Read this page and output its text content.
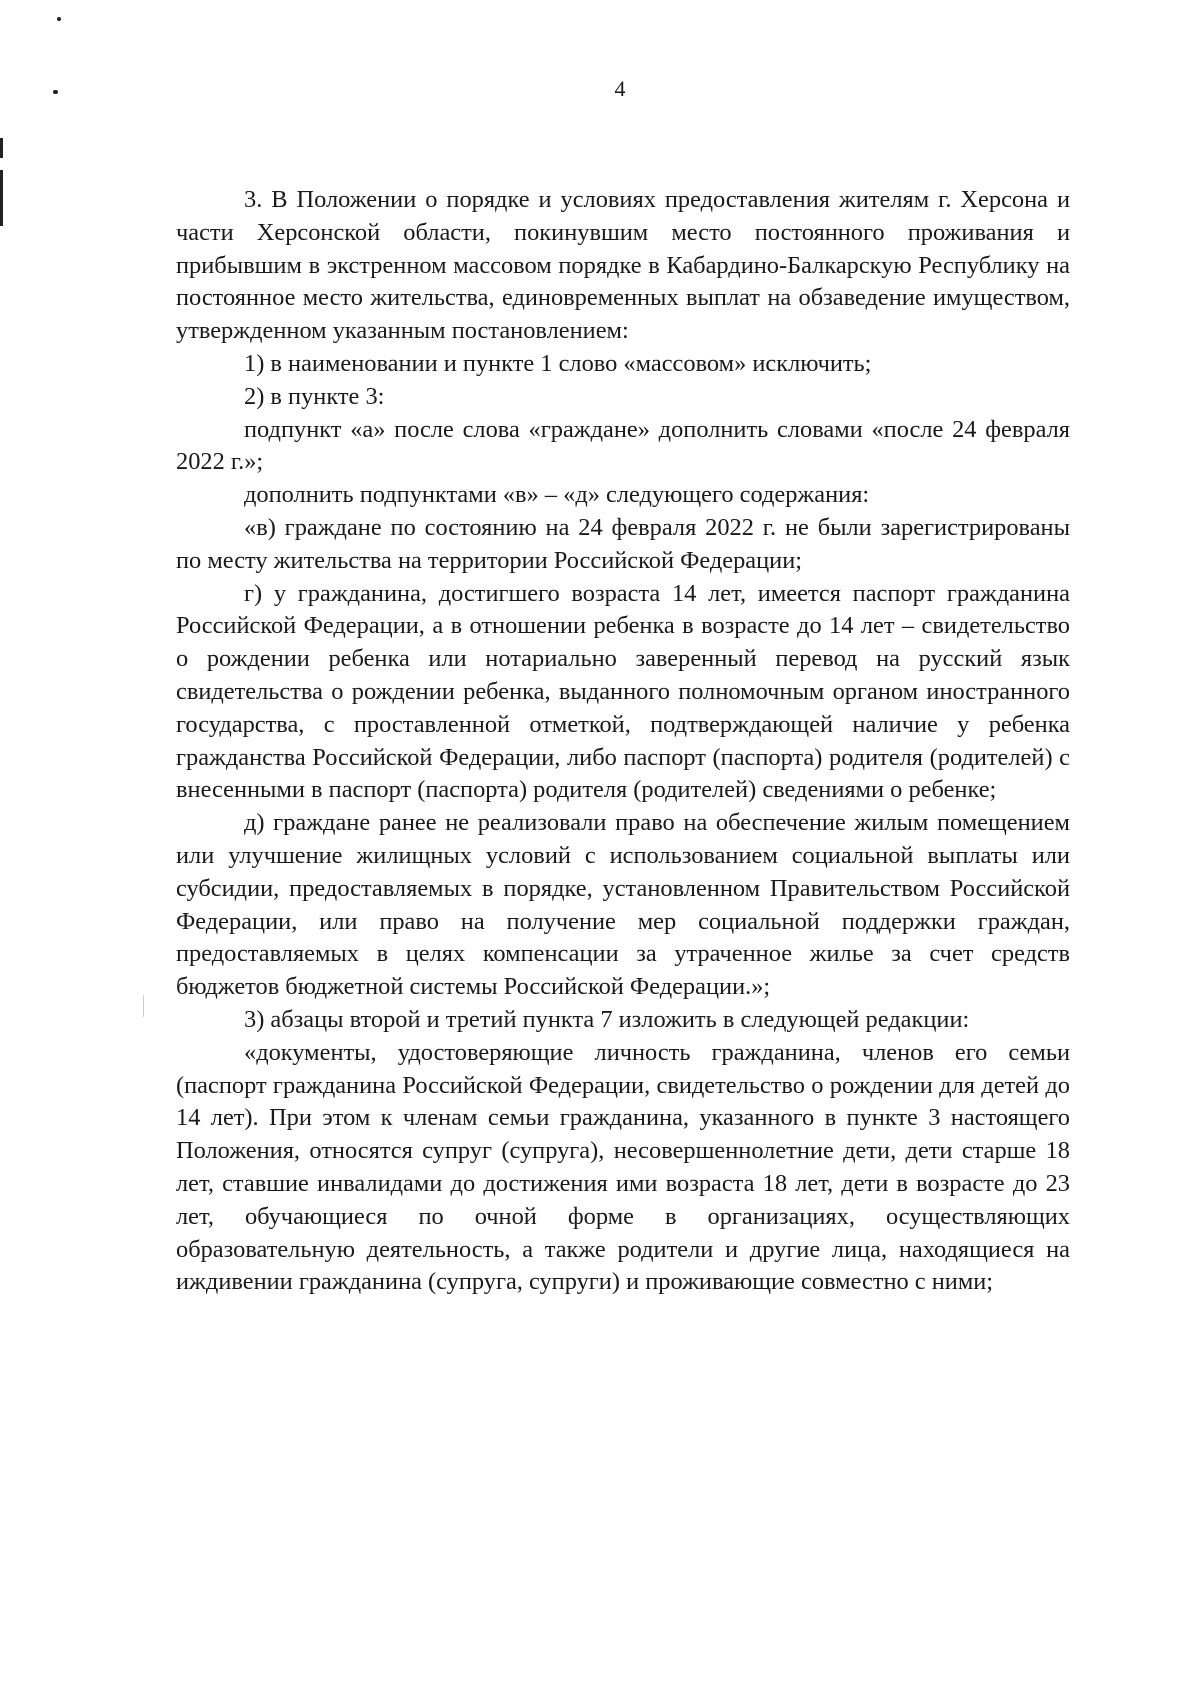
4

3. В Положении о порядке и условиях предоставления жителям г. Херсона и части Херсонской области, покинувшим место постоянного проживания и прибывшим в экстренном массовом порядке в Кабардино-Балкарскую Республику на постоянное место жительства, единовременных выплат на обзаведение имуществом, утвержденном указанным постановлением:

1) в наименовании и пункте 1 слово «массовом» исключить;

2) в пункте 3:

подпункт «а» после слова «граждане» дополнить словами «после 24 февраля 2022 г.»;

дополнить подпунктами «в» – «д» следующего содержания:

«в) граждане по состоянию на 24 февраля 2022 г. не были зарегистрированы по месту жительства на территории Российской Федерации;

г) у гражданина, достигшего возраста 14 лет, имеется паспорт гражданина Российской Федерации, а в отношении ребенка в возрасте до 14 лет – свидетельство о рождении ребенка или нотариально заверенный перевод на русский язык свидетельства о рождении ребенка, выданного полномочным органом иностранного государства, с проставленной отметкой, подтверждающей наличие у ребенка гражданства Российской Федерации, либо паспорт (паспорта) родителя (родителей) с внесенными в паспорт (паспорта) родителя (родителей) сведениями о ребенке;

д) граждане ранее не реализовали право на обеспечение жилым помещением или улучшение жилищных условий с использованием социальной выплаты или субсидии, предоставляемых в порядке, установленном Правительством Российской Федерации, или право на получение мер социальной поддержки граждан, предоставляемых в целях компенсации за утраченное жилье за счет средств бюджетов бюджетной системы Российской Федерации.»;

3) абзацы второй и третий пункта 7 изложить в следующей редакции:

«документы, удостоверяющие личность гражданина, членов его семьи (паспорт гражданина Российской Федерации, свидетельство о рождении для детей до 14 лет). При этом к членам семьи гражданина, указанного в пункте 3 настоящего Положения, относятся супруг (супруга), несовершеннолетние дети, дети старше 18 лет, ставшие инвалидами до достижения ими возраста 18 лет, дети в возрасте до 23 лет, обучающиеся по очной форме в организациях, осуществляющих образовательную деятельность, а также родители и другие лица, находящиеся на иждивении гражданина (супруга, супруги) и проживающие совместно с ними;
